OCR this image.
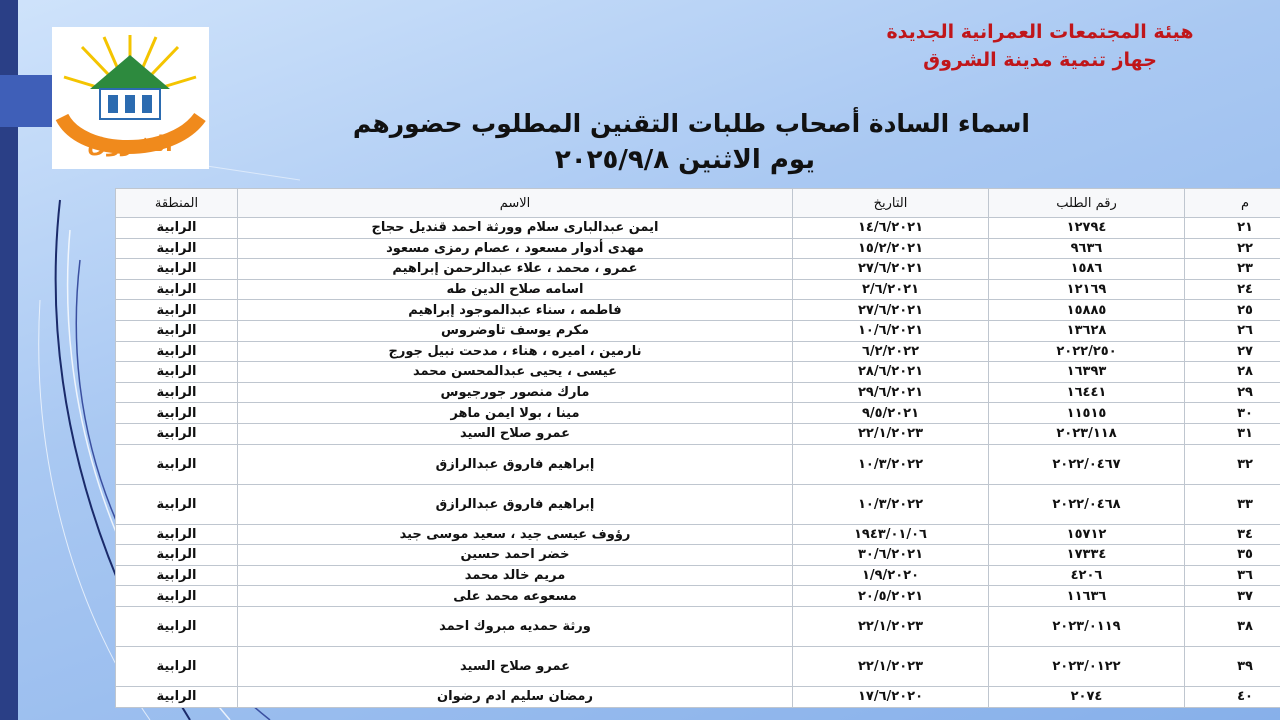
الشروق
هيئة المجتمعات العمرانية الجديدة
جهاز تنمية مدينة الشروق
اسماء السادة أصحاب طلبات التقنين المطلوب حضورهم
يوم الاثنين ٢٠٢٥/٩/٨
م	رقم الطلب	التاريخ	الاسم	المنطقة
٢١	١٢٧٩٤	١٤/٦/٢٠٢١	ايمن عبدالبارى سلام وورثة احمد قنديل حجاج	الرابية
٢٢	٩٦٣٦	١٥/٢/٢٠٢١	مهدى أدوار مسعود ، عصام رمزى مسعود	الرابية
٢٣	١٥٨٦	٢٧/٦/٢٠٢١	عمرو ، محمد ، علاء عبدالرحمن إبراهيم	الرابية
٢٤	١٢١٦٩	٢/٦/٢٠٢١	اسامه صلاح الدين طه	الرابية
٢٥	١٥٨٨٥	٢٧/٦/٢٠٢١	فاطمه ، سناء عبدالموجود إبراهيم	الرابية
٢٦	١٣٦٢٨	١٠/٦/٢٠٢١	مكرم يوسف تاوضروس	الرابية
٢٧	٢٠٢٢/٢٥٠	٦/٢/٢٠٢٢	نارمين ، اميره ، هناء ، مدحت نبيل جورج	الرابية
٢٨	١٦٣٩٣	٢٨/٦/٢٠٢١	عيسى ، يحيى عبدالمحسن محمد	الرابية
٢٩	١٦٤٤١	٢٩/٦/٢٠٢١	مارك منصور جورجيوس	الرابية
٣٠	١١٥١٥	٩/٥/٢٠٢١	مينا ، بولا ايمن ماهر	الرابية
٣١	٢٠٢٣/١١٨	٢٢/١/٢٠٢٣	عمرو صلاح السيد	الرابية
٣٢	٢٠٢٢/٠٤٦٧	١٠/٣/٢٠٢٢	إبراهيم فاروق عبدالرازق	الرابية
٣٣	٢٠٢٢/٠٤٦٨	١٠/٣/٢٠٢٢	إبراهيم فاروق عبدالرازق	الرابية
٣٤	١٥٧١٢	١٩٤٣/٠١/٠٦	رؤوف عيسى جيد ، سعيد موسى جيد	الرابية
٣٥	١٧٣٣٤	٣٠/٦/٢٠٢١	خضر احمد حسين	الرابية
٣٦	٤٢٠٦	١/٩/٢٠٢٠	مريم خالد محمد	الرابية
٣٧	١١٦٣٦	٢٠/٥/٢٠٢١	مسعوعه محمد على	الرابية
٣٨	٢٠٢٣/٠١١٩	٢٢/١/٢٠٢٣	ورثة حمديه مبروك احمد	الرابية
٣٩	٢٠٢٣/٠١٢٢	٢٢/١/٢٠٢٣	عمرو صلاح السيد	الرابية
٤٠	٢٠٧٤	١٧/٦/٢٠٢٠	رمضان سليم ادم رضوان	الرابية
